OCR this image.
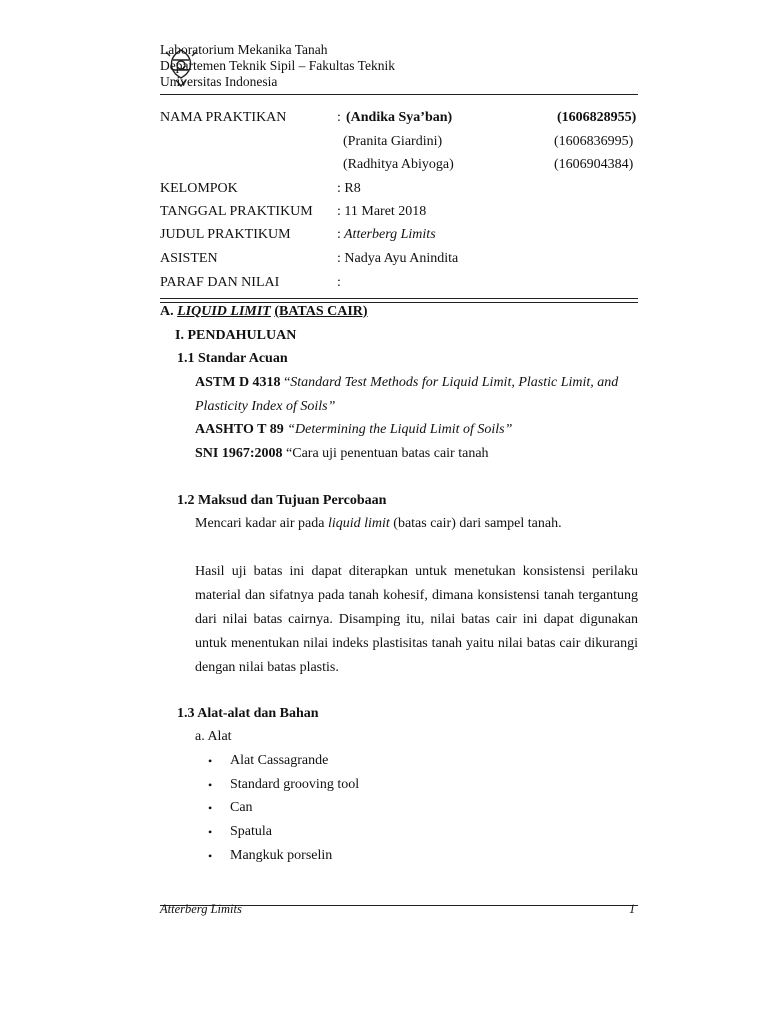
Laboratorium Mekanika Tanah
Departemen Teknik Sipil – Fakultas Teknik
Universitas Indonesia
NAMA PRAKTIKAN	: (Andika Sya’ban)	(1606828955)
(Pranita Giardini)	(1606836995)
(Radhitya Abiyoga)	(1606904384)
KELOMPOK	: R8
TANGGAL PRAKTIKUM : 11 Maret 2018
JUDUL PRAKTIKUM	: Atterberg Limits
ASISTEN	: Nadya Ayu Anindita
PARAF DAN NILAI	:
A. LIQUID LIMIT (BATAS CAIR)
I. PENDAHULUAN
1.1 Standar Acuan
ASTM D 4318 “Standard Test Methods for Liquid Limit, Plastic Limit, and
Plasticity Index of Soils”
AASHTO T 89 “Determining the Liquid Limit of Soils”
SNI 1967:2008 “Cara uji penentuan batas cair tanah
1.2 Maksud dan Tujuan Percobaan
Mencari kadar air pada liquid limit (batas cair) dari sampel tanah.
Hasil uji batas ini dapat diterapkan untuk menetukan konsistensi perilaku material dan sifatnya pada tanah kohesif, dimana konsistensi tanah tergantung dari nilai batas cairnya. Disamping itu, nilai batas cair ini dapat digunakan untuk menentukan nilai indeks plastisitas tanah yaitu nilai batas cair dikurangi dengan nilai batas plastis.
1.3 Alat-alat dan Bahan
a. Alat
• Alat Cassagrande
• Standard grooving tool
• Can
• Spatula
• Mangkuk porselin
Atterberg Limits	1
